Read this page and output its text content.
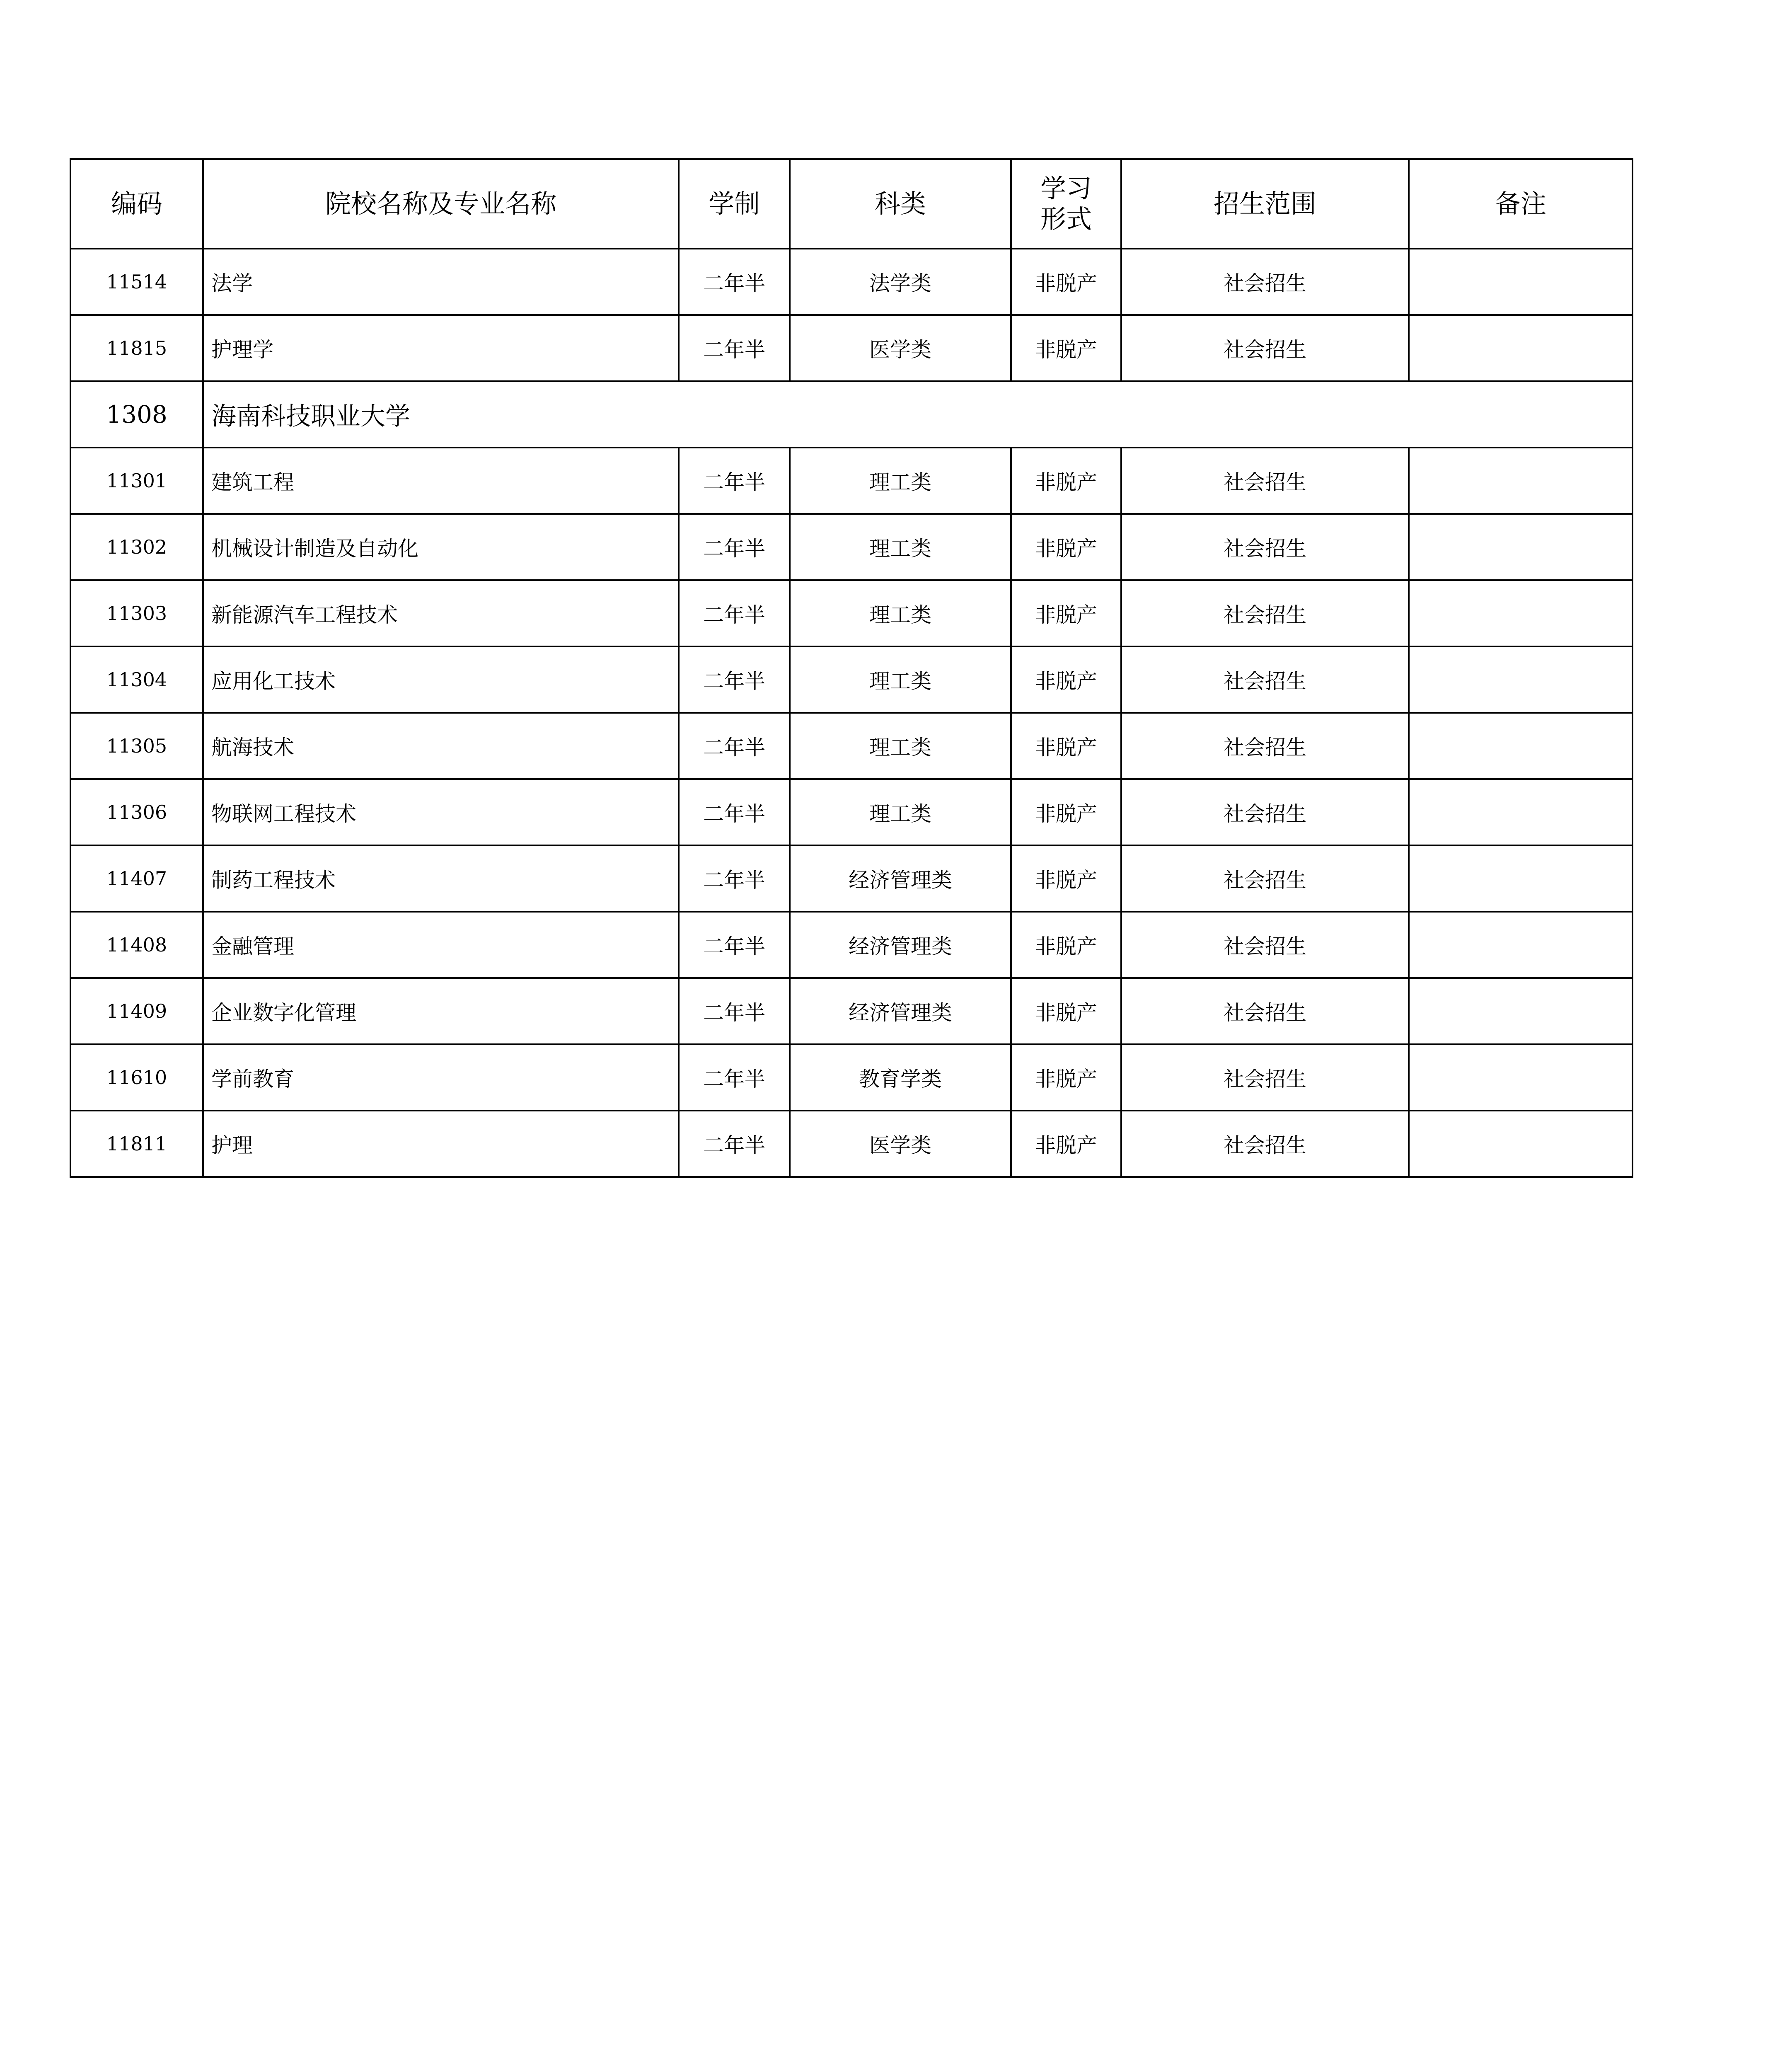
编码	院校名称及专业名称	学制	科类	学习形式	招生范围	备注
11514	法学	二年半	法学类	非脱产	社会招生	
11815	护理学	二年半	医学类	非脱产	社会招生	
1308	海南科技职业大学					
11301	建筑工程	二年半	理工类	非脱产	社会招生	
11302	机械设计制造及自动化	二年半	理工类	非脱产	社会招生	
11303	新能源汽车工程技术	二年半	理工类	非脱产	社会招生	
11304	应用化工技术	二年半	理工类	非脱产	社会招生	
11305	航海技术	二年半	理工类	非脱产	社会招生	
11306	物联网工程技术	二年半	理工类	非脱产	社会招生	
11407	制药工程技术	二年半	经济管理类	非脱产	社会招生	
11408	金融管理	二年半	经济管理类	非脱产	社会招生	
11409	企业数字化管理	二年半	经济管理类	非脱产	社会招生	
11610	学前教育	二年半	教育学类	非脱产	社会招生	
11811	护理	二年半	医学类	非脱产	社会招生	
